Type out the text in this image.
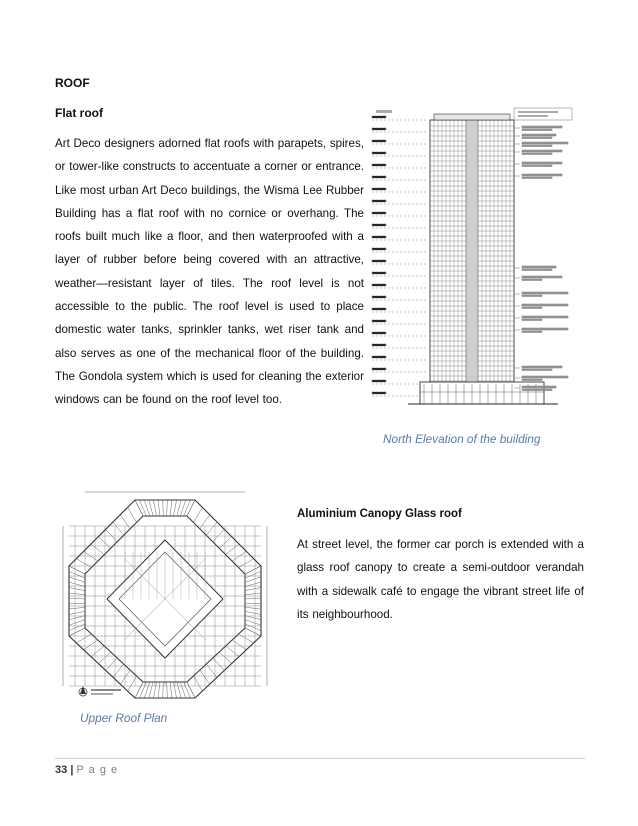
ROOF
Flat roof
Art Deco designers adorned flat roofs with parapets, spires, or tower-like constructs to accentuate a corner or entrance. Like most urban Art Deco buildings, the Wisma Lee Rubber Building has a flat roof with no cornice or overhang. The roofs built much like a floor, and then waterproofed with a layer of rubber before being covered with an attractive, weather—resistant layer of tiles. The roof level is not accessible to the public. The roof level is used to place domestic water tanks, sprinkler tanks, wet riser tank and also serves as one of the mechanical floor of the building. The Gondola system which is used for cleaning the exterior windows can be found on the roof level too.
North Elevation of the building
Upper Roof Plan
Aluminium Canopy Glass roof
At street level, the former car porch is extended with a glass roof canopy to create a semi-outdoor verandah with a sidewalk café to engage the vibrant street life of its neighbourhood.
33 | P a g e
